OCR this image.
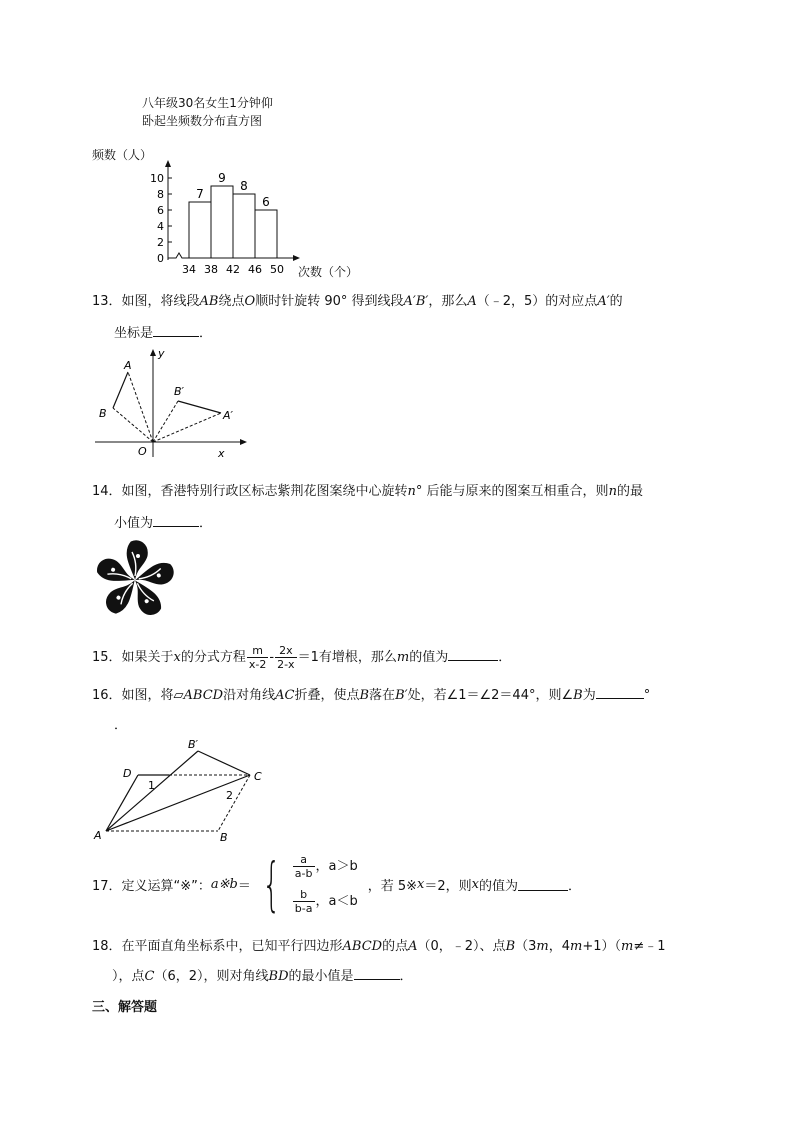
八年级30名女生1分钟仰
卧起坐频数分布直方图
频数（人）
次数（个）
0
2
4
6
8
10
7
9
8
6
34 38 42 46 50
13．如图，将线段AB绕点O顺时针旋转 90° 得到线段A′B′，那么A（﹣2，5）的对应点A′的
坐标是	．
y
x
O
A
B
B′
A′
14．如图，香港特别行政区标志紫荆花图案绕中心旋转n° 后能与原来的图案互相重合，则n的最
小值为	．
15．如果关于x的分式方程 $\frac{m}{x-2} - \frac{2x}{2-x} =1$有增根，那么m的值为	．
16．如图，将▱ABCD沿对角线AC折叠，使点B落在B′处，若∠1＝∠2＝44°，则∠B为	°
．
B′
D	C
A	B
1
2
17．定义运算“※”： a※b ＝ { $\frac{a}{a-b}$ ，a＞b
$\frac{b}{b-a}$ ，a＜b
，若 5※ x ＝2，则 x 的值为	．
18．在平面直角坐标系中，已知平行四边形ABCD的点A（0，﹣2）、点B（3m，4m+1）（m≠﹣1
），点C（6，2），则对角线BD的最小值是	．
三、解答题
